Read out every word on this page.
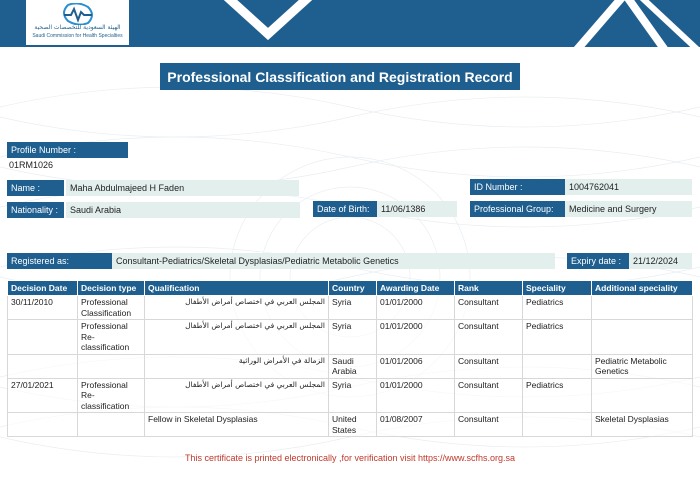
الهيئة السعودية للتخصصات الصحية
Saudi Commission for Health Specialties
Professional Classification and Registration Record
Profile Number :
01RM1026
Name :	Maha Abdulmajeed H Faden	ID Number :	1004762041
Nationality :	Saudi Arabia	Date of Birth:	11/06/1386	Professional Group:	Medicine and Surgery
Registered as:	Consultant-Pediatrics/Skeletal Dysplasias/Pediatric Metabolic Genetics	Expiry date :	21/12/2024
Decision Date	Decision type	Qualification	Country	Awarding Date	Rank	Speciality	Additional speciality
30/11/2010	Professional Classification	المجلس العربي في اختصاص أمراض الأطفال	Syria	01/01/2000	Consultant	Pediatrics	
	Professional Re-classification	المجلس العربي في اختصاص أمراض الأطفال	Syria	01/01/2000	Consultant	Pediatrics	
		الزمالة في الأمراض الوراثية	Saudi Arabia	01/01/2006	Consultant		Pediatric Metabolic Genetics
27/01/2021	Professional Re-classification	المجلس العربي في اختصاص أمراض الأطفال	Syria	01/01/2000	Consultant	Pediatrics	
		Fellow in Skeletal Dysplasias	United States	01/08/2007	Consultant		Skeletal Dysplasias
This certificate is printed electronically ,for verification visit https://www.scfhs.org.sa
